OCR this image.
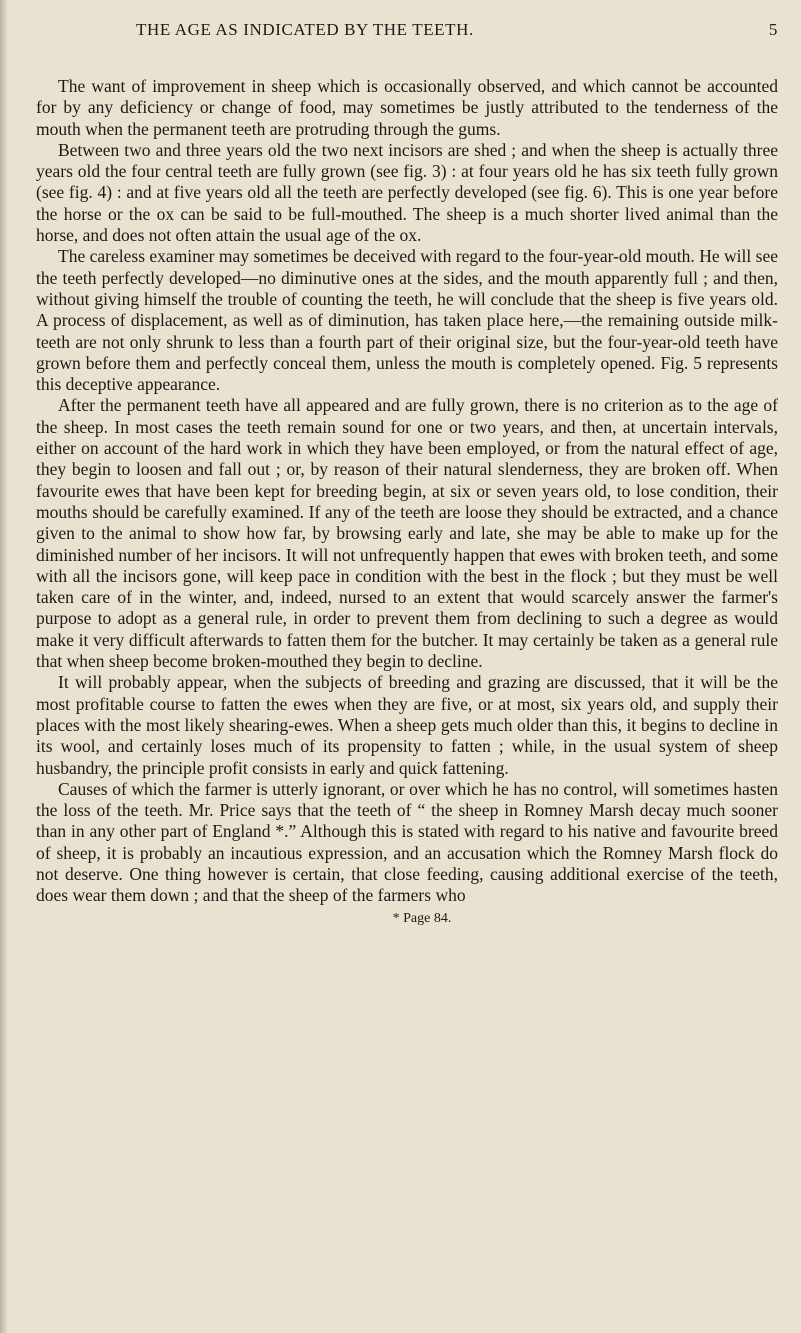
THE AGE AS INDICATED BY THE TEETH.	5

The want of improvement in sheep which is occasionally observed, and which cannot be accounted for by any deficiency or change of food, may sometimes be justly attributed to the tenderness of the mouth when the permanent teeth are protruding through the gums.

Between two and three years old the two next incisors are shed ; and when the sheep is actually three years old the four central teeth are fully grown (see fig. 3) : at four years old he has six teeth fully grown (see fig. 4) : and at five years old all the teeth are perfectly developed (see fig. 6). This is one year before the horse or the ox can be said to be full-mouthed. The sheep is a much shorter lived animal than the horse, and does not often attain the usual age of the ox.

The careless examiner may sometimes be deceived with regard to the four-year-old mouth. He will see the teeth perfectly developed—no diminutive ones at the sides, and the mouth apparently full ; and then, without giving himself the trouble of counting the teeth, he will conclude that the sheep is five years old. A process of displacement, as well as of diminution, has taken place here,—the remaining outside milk-teeth are not only shrunk to less than a fourth part of their original size, but the four-year-old teeth have grown before them and perfectly conceal them, unless the mouth is completely opened. Fig. 5 represents this deceptive appearance.

After the permanent teeth have all appeared and are fully grown, there is no criterion as to the age of the sheep. In most cases the teeth remain sound for one or two years, and then, at uncertain intervals, either on account of the hard work in which they have been employed, or from the natural effect of age, they begin to loosen and fall out ; or, by reason of their natural slenderness, they are broken off. When favourite ewes that have been kept for breeding begin, at six or seven years old, to lose condition, their mouths should be carefully examined. If any of the teeth are loose they should be extracted, and a chance given to the animal to show how far, by browsing early and late, she may be able to make up for the diminished number of her incisors. It will not unfrequently happen that ewes with broken teeth, and some with all the incisors gone, will keep pace in condition with the best in the flock ; but they must be well taken care of in the winter, and, indeed, nursed to an extent that would scarcely answer the farmer's purpose to adopt as a general rule, in order to prevent them from declining to such a degree as would make it very difficult afterwards to fatten them for the butcher. It may certainly be taken as a general rule that when sheep become broken-mouthed they begin to decline.

It will probably appear, when the subjects of breeding and grazing are discussed, that it will be the most profitable course to fatten the ewes when they are five, or at most, six years old, and supply their places with the most likely shearing-ewes. When a sheep gets much older than this, it begins to decline in its wool, and certainly loses much of its propensity to fatten ; while, in the usual system of sheep husbandry, the principle profit consists in early and quick fattening.

Causes of which the farmer is utterly ignorant, or over which he has no control, will sometimes hasten the loss of the teeth. Mr. Price says that the teeth of “ the sheep in Romney Marsh decay much sooner than in any other part of England *.” Although this is stated with regard to his native and favourite breed of sheep, it is probably an incautious expression, and an accusation which the Romney Marsh flock do not deserve. One thing however is certain, that close feeding, causing additional exercise of the teeth, does wear them down ; and that the sheep of the farmers who

* Page 84.
